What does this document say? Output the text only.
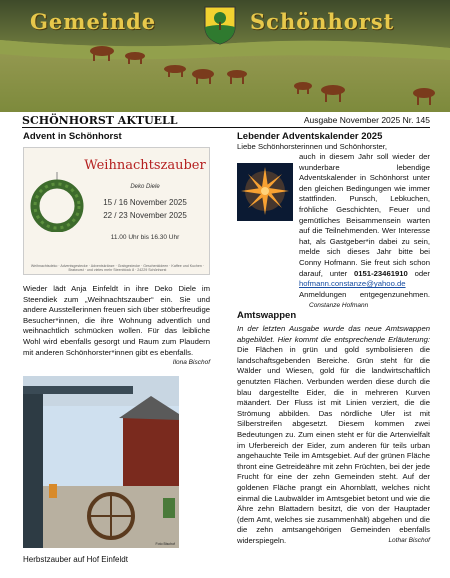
Gemeinde	Schönhorst
SCHÖNHORST AKTUELL	Ausgabe November 2025 Nr. 145
Advent in Schönhorst
Weihnachtszauber
Deko Diele
15 / 16 November 2025
22 / 23 November 2025
11.00 Uhr bis 16.30 Uhr
Weihnachtsdeko · Adventsgestecke · Adventskränze · Grabgestecke · Geschenkideen · Kaffee und Kuchen · Bratwurst · und vieles mehr Steenblock 8 · 24229 Schönhorst

Wieder lädt Anja Einfeldt in ihre Deko Diele im Steendiek zum „Weihnachtszauber“ ein. Sie und andere Ausstellerinnen freuen sich über stöberfreudige Besucher*innen, die ihre Wohnung adventlich und weihnachtlich schmücken wollen. Für das leibliche Wohl wird ebenfalls gesorgt und Raum zum Plaudern mit anderen Schönhorster*innen gibt es ebenfalls.

Ilona Bischof

Foto Bischof
Herbstzauber auf Hof Einfeldt
Lebender Adventskalender 2025

Liebe Schönhorsterinnen und Schönhorster,

auch in diesem Jahr soll wieder der wunderbare lebendige Adventskalender in Schönhorst unter den gleichen Bedingungen wie immer stattfinden. Punsch, Lebkuchen, fröhliche Geschichten, Feuer und gemütliches Beisammensein warten auf die Teilnehmenden. Wer Interesse hat, als Gastgeber*in dabei zu sein, melde sich dieses Jahr bitte bei Conny Hofmann. Sie freut sich schon darauf, unter 0151-23461910 oder hofmann.constanze@yahoo.de Anmeldungen entgegenzunehmen. Constanze Hofmann

Amtswappen

In der letzten Ausgabe wurde das neue Amtswappen abgebildet. Hier kommt die entsprechende Erläuterung: Die Flächen in grün und gold symbolisieren die landschaftsgebenden Bereiche. Grün steht für die Wälder und Wiesen, gold für die landwirtschaftlich genutzten Flächen. Verbunden werden diese durch die blau dargestellte Eider, die in mehreren Kurven mäandert. Der Fluss ist mit Linien verziert, die die Strömung abbilden. Das nördliche Ufer ist mit Silberstreifen abgesetzt. Diesem kommen zwei Bedeutungen zu. Zum einen steht er für die Artenvielfalt im Uferbereich der Eider, zum anderen für teils urban angehauchte Teile im Amtsgebiet. Auf der grünen Fläche thront eine Getreideähre mit zehn Früchten, bei der jede Frucht für eine der zehn Gemeinden steht. Auf der goldenen Fläche prangt ein Ahornblatt, welches nicht einmal die Laubwälder im Amtsgebiet betont und wie die Ähre zehn Blattadern besitzt, die von der Hauptader (dem Amt, welches sie zusammenhält) abgehen und die die zehn amtsangehörigen Gemeinden ebenfalls widerspiegeln.	Lothar Bischof
